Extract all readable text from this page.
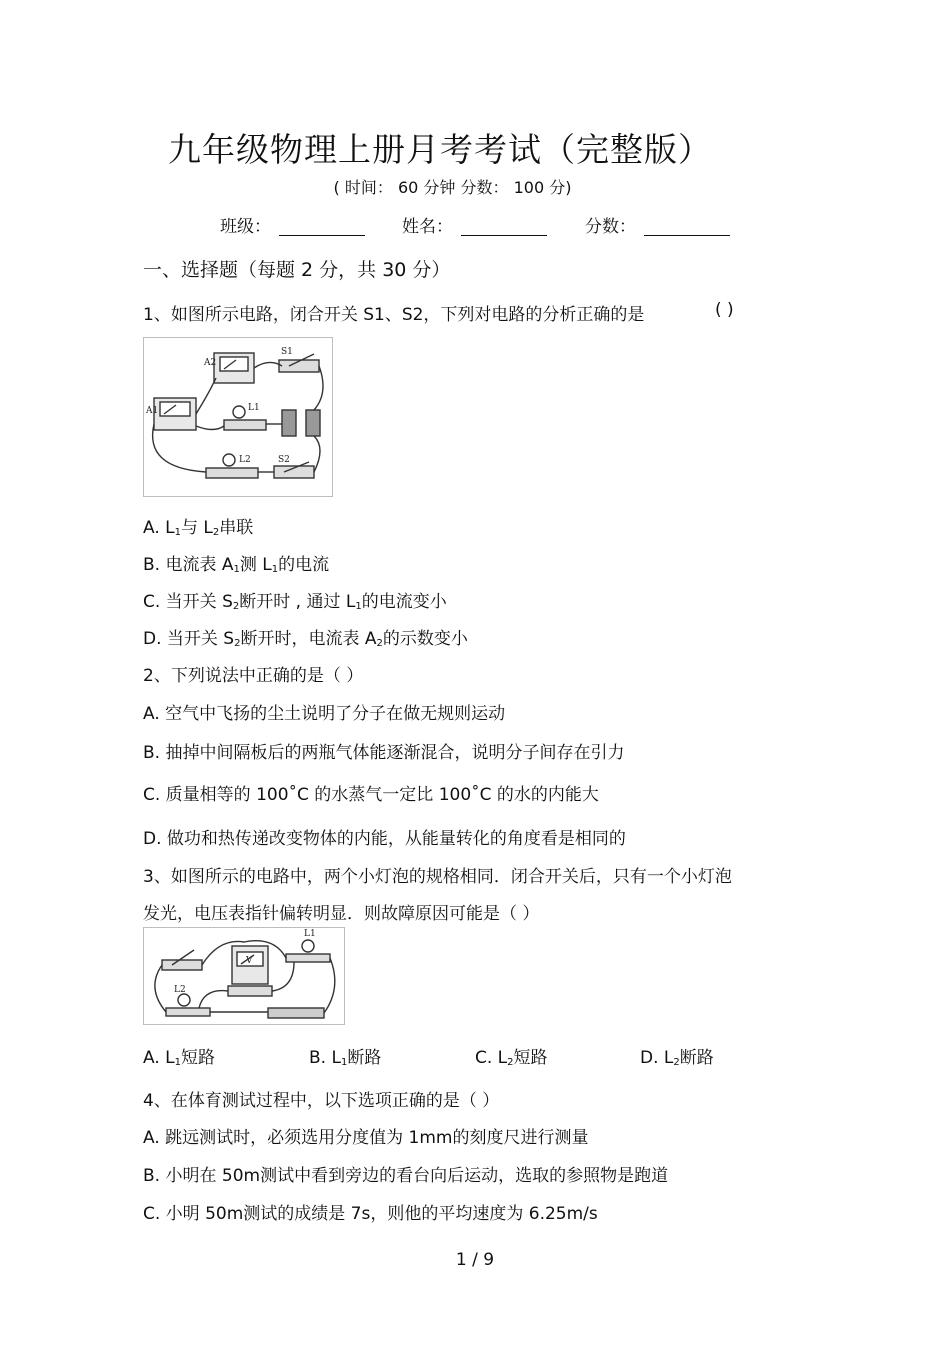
九年级物理上册月考考试（完整版）
( 时间： 60 分钟 分数： 100 分)
班级：	姓名：	分数：
一、选择题（每题 2 分，共 30 分）
1、如图所示电路，闭合开关 S1、S2，下列对电路的分析正确的是	( )
A2
S1
A1	L1
L2	S2
A. $L_1$与 $L_2$串联
B. 电流表 $A_1$测 $L_1$的电流
C. 当开关 $S_2$断开时 , 通过 $L_1$的电流变小
D. 当开关 $S_2$断开时，电流表 $A_2$的示数变小
2、下列说法中正确的是（ ）
A. 空气中飞扬的尘土说明了分子在做无规则运动
B. 抽掉中间隔板后的两瓶气体能逐渐混合，说明分子间存在引力
C. 质量相等的 100˚C 的水蒸气一定比 100˚C 的水的内能大
D. 做功和热传递改变物体的内能，从能量转化的角度看是相同的
3、如图所示的电路中，两个小灯泡的规格相同．闭合开关后，只有一个小灯泡
发光，电压表指针偏转明显．则故障原因可能是（ ）
V
L1
L2
A. $L_1$短路	B. $L_1$断路	C. $L_2$短路	D. $L_2$断路
4、在体育测试过程中，以下选项正确的是（ ）
A. 跳远测试时，必须选用分度值为 1mm的刻度尺进行测量
B. 小明在 50m测试中看到旁边的看台向后运动，选取的参照物是跑道
C. 小明 50m测试的成绩是 7s，则他的平均速度为 6.25m/s
1 / 9
